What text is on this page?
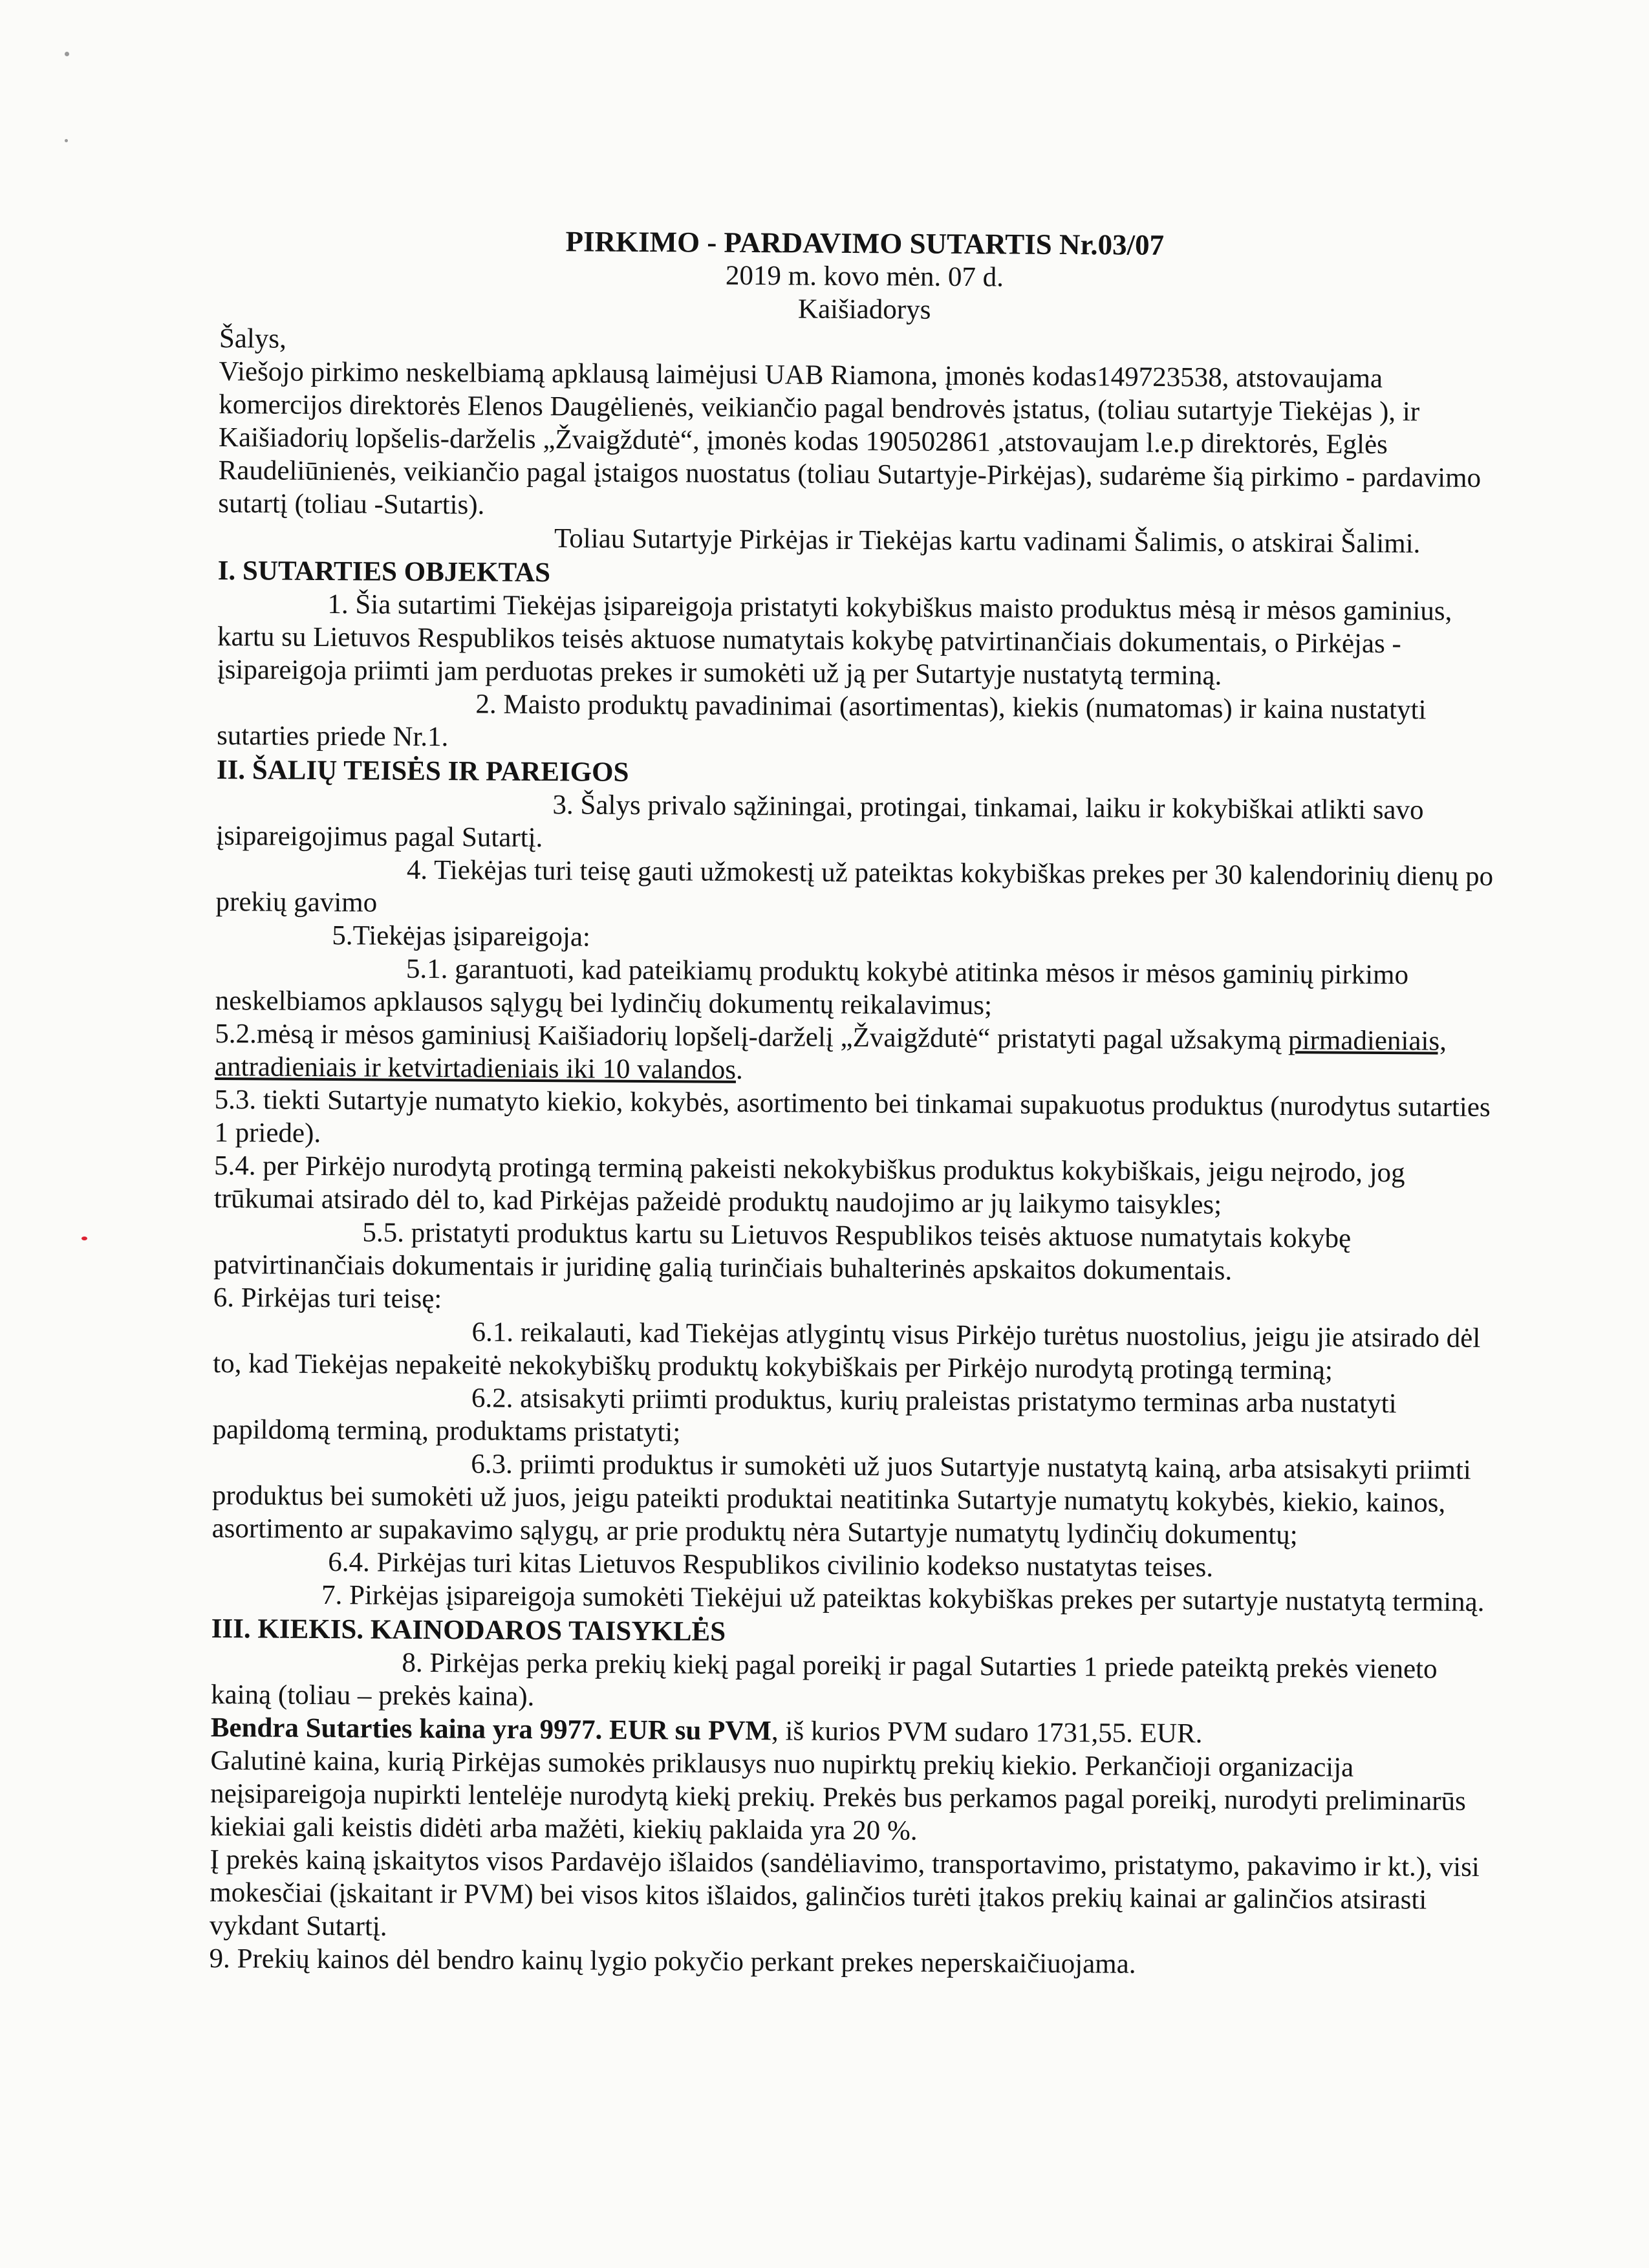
PIRKIMO - PARDAVIMO SUTARTIS Nr.03/07
2019 m. kovo mėn. 07 d.
Kaišiadorys

Šalys,

Viešojo pirkimo neskelbiamą apklausą laimėjusi UAB Riamona, įmonės kodas149723538, atstovaujama komercijos direktorės Elenos Daugėlienės, veikiančio pagal bendrovės įstatus, (toliau sutartyje Tiekėjas ), ir Kaišiadorių lopšelis-darželis „Žvaigždutė“, įmonės kodas 190502861 ,atstovaujam l.e.p direktorės, Eglės Raudeliūnienės, veikiančio pagal įstaigos nuostatus (toliau Sutartyje-Pirkėjas), sudarėme šią pirkimo - pardavimo sutartį (toliau -Sutartis).

Toliau Sutartyje Pirkėjas ir Tiekėjas kartu vadinami Šalimis, o atskirai Šalimi.

I. SUTARTIES OBJEKTAS

1. Šia sutartimi Tiekėjas įsipareigoja pristatyti kokybiškus maisto produktus mėsą ir mėsos gaminius, kartu su Lietuvos Respublikos teisės aktuose numatytais kokybę patvirtinančiais dokumentais, o Pirkėjas - įsipareigoja priimti jam perduotas prekes ir sumokėti už ją per Sutartyje nustatytą terminą.

2. Maisto produktų pavadinimai (asortimentas), kiekis (numatomas) ir kaina nustatyti sutarties priede Nr.1.

II. ŠALIŲ TEISĖS IR PAREIGOS

3. Šalys privalo sąžiningai, protingai, tinkamai, laiku ir kokybiškai atlikti savo įsipareigojimus pagal Sutartį.

4. Tiekėjas turi teisę gauti užmokestį už pateiktas kokybiškas prekes per 30 kalendorinių dienų po prekių gavimo

5.Tiekėjas įsipareigoja:

5.1. garantuoti, kad pateikiamų produktų kokybė atitinka mėsos ir mėsos gaminių pirkimo neskelbiamos apklausos sąlygų bei lydinčių dokumentų reikalavimus;

5.2.mėsą ir mėsos gaminiusį Kaišiadorių lopšelį-darželį „Žvaigždutė“ pristatyti pagal užsakymą pirmadieniais, antradieniais ir ketvirtadieniais iki 10 valandos.

5.3. tiekti Sutartyje numatyto kiekio, kokybės, asortimento bei tinkamai supakuotus produktus (nurodytus sutarties 1 priede).

5.4. per Pirkėjo nurodytą protingą terminą pakeisti nekokybiškus produktus kokybiškais, jeigu neįrodo, jog trūkumai atsirado dėl to, kad Pirkėjas pažeidė produktų naudojimo ar jų laikymo taisykles;

5.5. pristatyti produktus kartu su Lietuvos Respublikos teisės aktuose numatytais kokybę patvirtinančiais dokumentais ir juridinę galią turinčiais buhalterinės apskaitos dokumentais.

6. Pirkėjas turi teisę:

6.1. reikalauti, kad Tiekėjas atlygintų visus Pirkėjo turėtus nuostolius, jeigu jie atsirado dėl to, kad Tiekėjas nepakeitė nekokybiškų produktų kokybiškais per Pirkėjo nurodytą protingą terminą;

6.2. atsisakyti priimti produktus, kurių praleistas pristatymo terminas arba nustatyti papildomą terminą, produktams pristatyti;

6.3. priimti produktus ir sumokėti už juos Sutartyje nustatytą kainą, arba atsisakyti priimti produktus bei sumokėti už juos, jeigu pateikti produktai neatitinka Sutartyje numatytų kokybės, kiekio, kainos, asortimento ar supakavimo sąlygų, ar prie produktų nėra Sutartyje numatytų lydinčių dokumentų;

6.4. Pirkėjas turi kitas Lietuvos Respublikos civilinio kodekso nustatytas teises.

7. Pirkėjas įsipareigoja sumokėti Tiekėjui už pateiktas kokybiškas prekes per sutartyje nustatytą terminą.

III. KIEKIS. KAINODAROS TAISYKLĖS

8. Pirkėjas perka prekių kiekį pagal poreikį ir pagal Sutarties 1 priede pateiktą prekės vieneto kainą (toliau – prekės kaina).

Bendra Sutarties kaina yra 9977. EUR su PVM, iš kurios PVM sudaro 1731,55. EUR.

Galutinė kaina, kurią Pirkėjas sumokės priklausys nuo nupirktų prekių kiekio. Perkančioji organizacija neįsipareigoja nupirkti lentelėje nurodytą kiekį prekių. Prekės bus perkamos pagal poreikį, nurodyti preliminarūs kiekiai gali keistis didėti arba mažėti, kiekių paklaida yra 20 %.

Į prekės kainą įskaitytos visos Pardavėjo išlaidos (sandėliavimo, transportavimo, pristatymo, pakavimo ir kt.), visi mokesčiai (įskaitant ir PVM) bei visos kitos išlaidos, galinčios turėti įtakos prekių kainai ar galinčios atsirasti vykdant Sutartį.

9. Prekių kainos dėl bendro kainų lygio pokyčio perkant prekes neperskaičiuojama.
